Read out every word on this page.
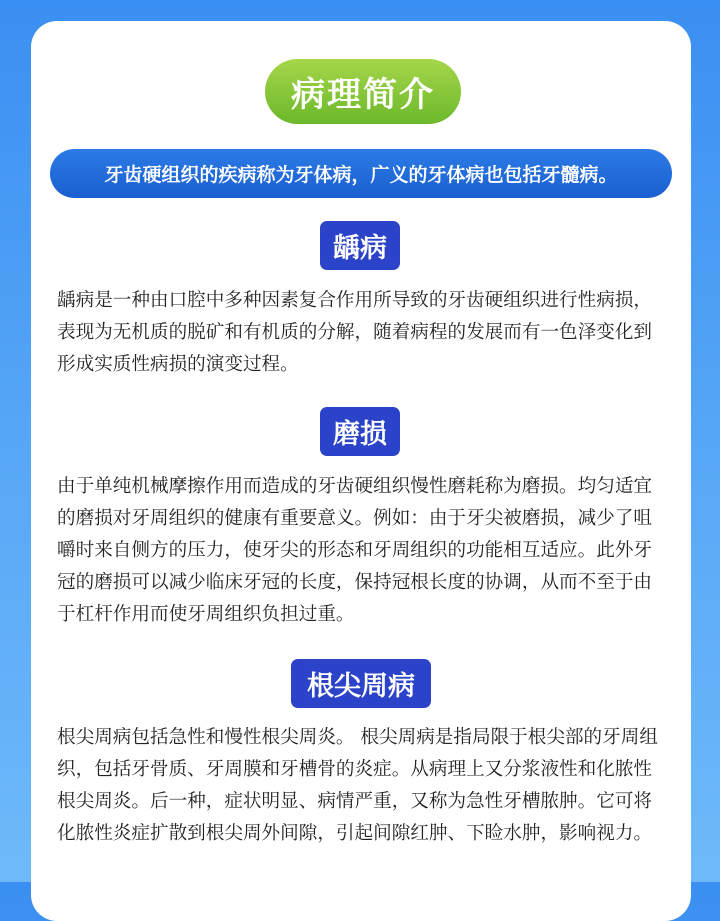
病理简介
牙齿硬组织的疾病称为牙体病，广义的牙体病也包括牙髓病。
龋病

龋病是一种由口腔中多种因素复合作用所导致的牙齿硬组织进行性病损，表现为无机质的脱矿和有机质的分解，随着病程的发展而有一色泽变化到形成实质性病损的演变过程。

磨损

由于单纯机械摩擦作用而造成的牙齿硬组织慢性磨耗称为磨损。均匀适宜的磨损对牙周组织的健康有重要意义。例如：由于牙尖被磨损，减少了咀嚼时来自侧方的压力，使牙尖的形态和牙周组织的功能相互适应。此外牙冠的磨损可以减少临床牙冠的长度，保持冠根长度的协调，从而不至于由于杠杆作用而使牙周组织负担过重。

根尖周病

根尖周病包括急性和慢性根尖周炎。 根尖周病是指局限于根尖部的牙周组织，包括牙骨质、牙周膜和牙槽骨的炎症。从病理上又分浆液性和化脓性根尖周炎。后一种，症状明显、病情严重，又称为急性牙槽脓肿。它可将化脓性炎症扩散到根尖周外间隙，引起间隙红肿、下睑水肿，影响视力。
